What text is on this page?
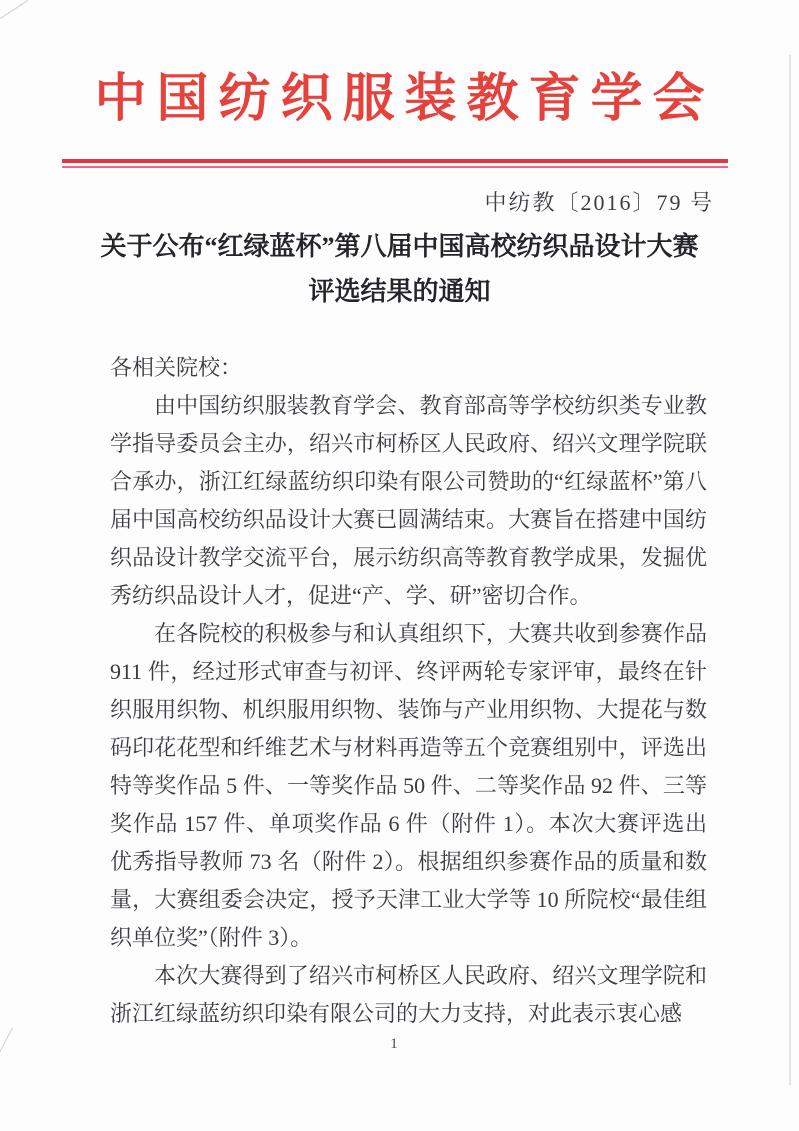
中国纺织服装教育学会
中纺教〔2016〕79 号
关于公布“红绿蓝杯”第八届中国高校纺织品设计大赛
评选结果的通知

各相关院校：

由中国纺织服装教育学会、教育部高等学校纺织类专业教学指导委员会主办，绍兴市柯桥区人民政府、绍兴文理学院联合承办，浙江红绿蓝纺织印染有限公司赞助的“红绿蓝杯”第八届中国高校纺织品设计大赛已圆满结束。大赛旨在搭建中国纺织品设计教学交流平台，展示纺织高等教育教学成果，发掘优秀纺织品设计人才，促进“产、学、研”密切合作。

在各院校的积极参与和认真组织下，大赛共收到参赛作品 911 件，经过形式审查与初评、终评两轮专家评审，最终在针织服用织物、机织服用织物、装饰与产业用织物、大提花与数码印花花型和纤维艺术与材料再造等五个竞赛组别中，评选出特等奖作品 5 件、一等奖作品 50 件、二等奖作品 92 件、三等奖作品 157 件、单项奖作品 6 件（附件 1）。本次大赛评选出优秀指导教师 73 名（附件 2）。根据组织参赛作品的质量和数量，大赛组委会决定，授予天津工业大学等 10 所院校“最佳组织单位奖”（附件 3）。

本次大赛得到了绍兴市柯桥区人民政府、绍兴文理学院和浙江红绿蓝纺织印染有限公司的大力支持，对此表示衷心感

1
